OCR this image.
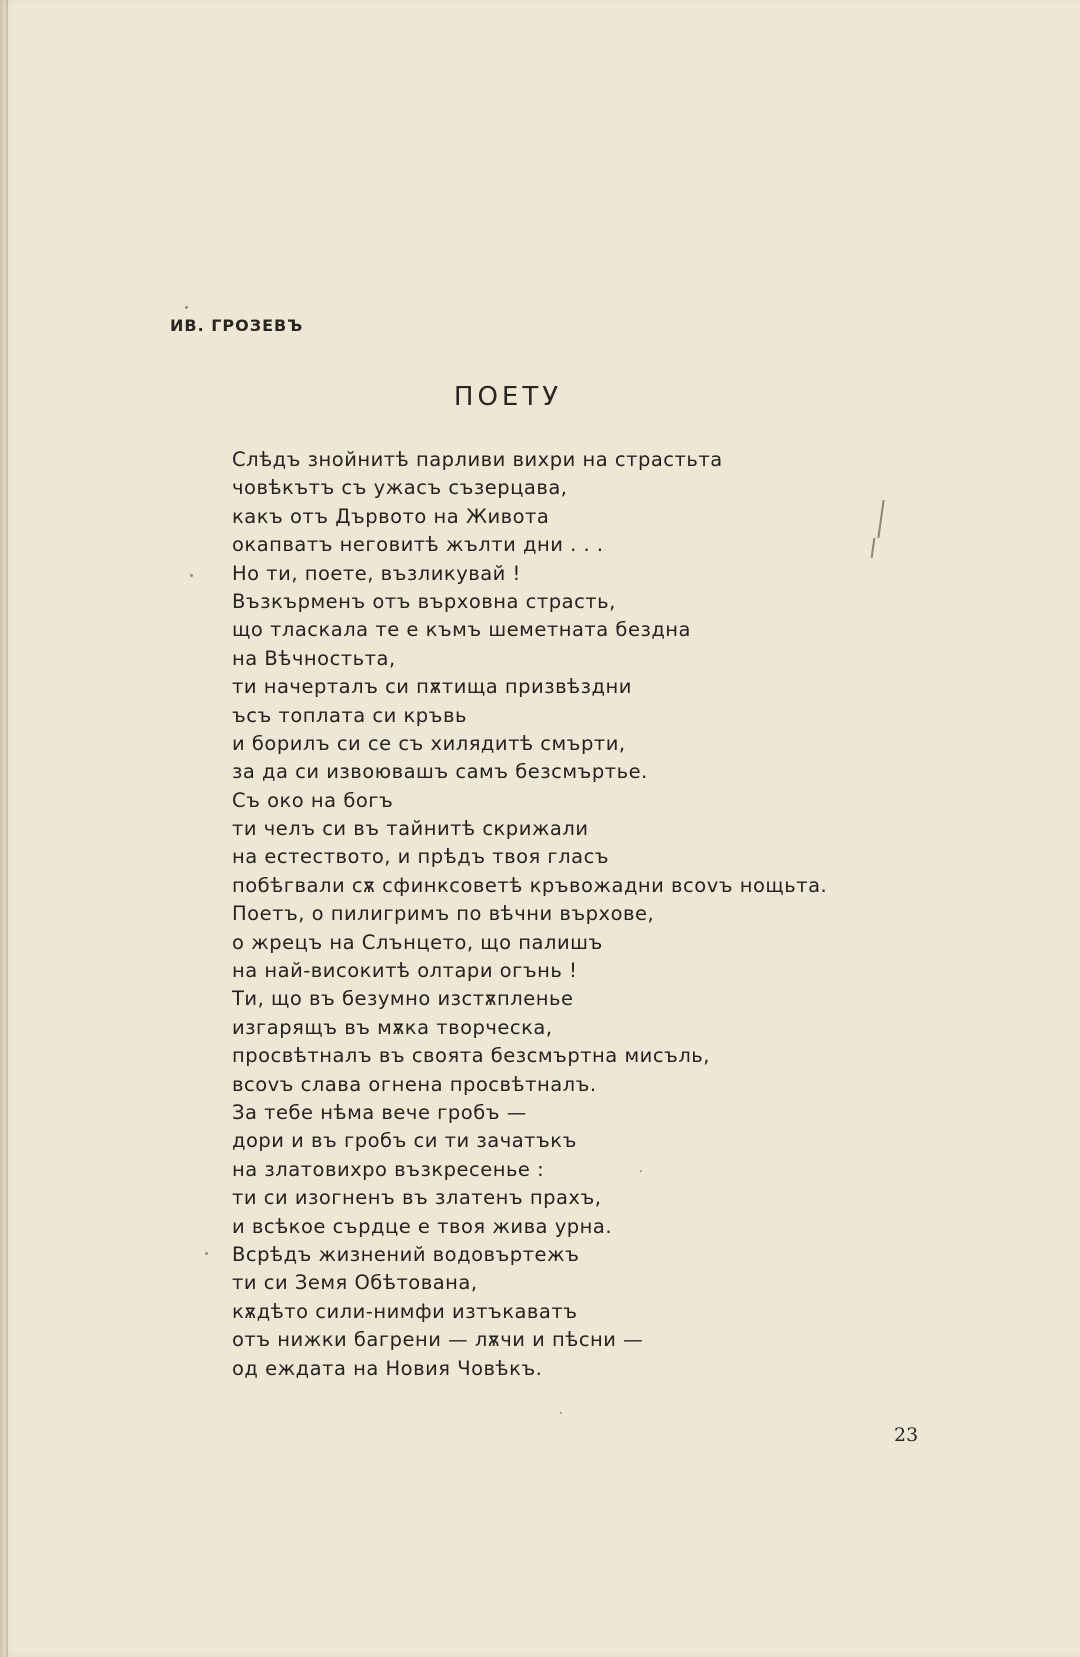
ИВ. ГРОЗЕВЪ
ПОЕТУ
Слѣдъ знойнитѣ парливи вихри на страстьта
човѣкътъ съ ужасъ съзерцава,
какъ отъ Дървото на Живота
окапватъ неговитѣ жълти дни . . .
Но ти, поете, възликувай !
Възкърменъ отъ върховна страсть,
що тласкала те е къмъ шеметната бездна
на Вѣчностьта,
ти начерталъ си пѫтища призвѣздни
ъсъ топлата си кръвь
и борилъ си се съ хилядитѣ смърти,
за да си извоювашъ самъ безсмъртье.
Съ око на богъ
ти челъ си въ тайнитѣ скрижали
на естеството, и прѣдъ твоя гласъ
побѣгвали сѫ сфинксоветѣ кръвожадни вcovъ нощьта.
Поетъ, о пилигримъ по вѣчни върхове,
о жрецъ на Слънцето, що палишъ
на най-високитѣ олтари огънь !
Ти, що въ безумно изстѫпленье
изгарящъ въ мѫка творческа,
просвѣтналъ въ своята безсмъртна мисъль,
вcovъ слава огнена просвѣтналъ.
За тебе нѣма вече гробъ —
дори и въ гробъ си ти зачатъкъ
на златовихро възкресенье :
ти си изогненъ въ златенъ прахъ,
и всѣкое сърдце е твоя жива урна.
Всрѣдъ жизнений водовъртежъ
ти си Земя Обѣтована,
кѫдѣто сили-нимфи изтъкаватъ
отъ нижки багрени — лѫчи и пѣсни —
од еждата на Новия Човѣкъ.
23
